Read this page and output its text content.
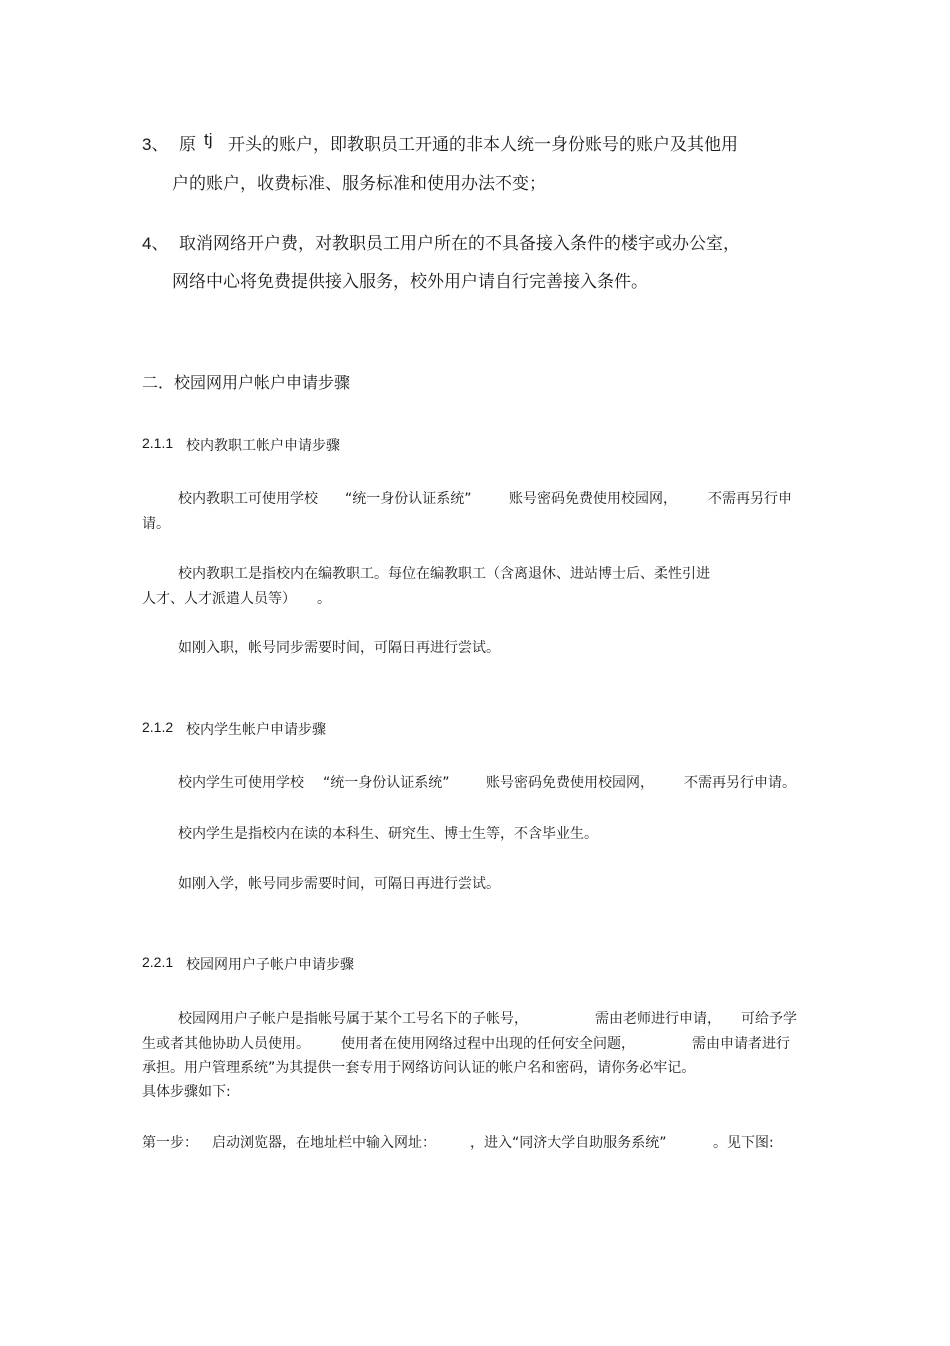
3、 原 tj 开头的账户，即教职员工开通的非本人统一身份账号的账户及其他用
户的账户，收费标准、服务标准和使用办法不变；
4、 取消网络开户费，对教职员工用户所在的不具备接入条件的楼宇或办公室，
网络中心将免费提供接入服务，校外用户请自行完善接入条件。
二．校园网用户帐户申请步骤
2.1.1 校内教职工帐户申请步骤
校内教职工可使用学校 “统一身份认证系统”	账号密码免费使用校园网， 不需再另行申
请。
校内教职工是指校内在编教职工。每位在编教职工（含离退休、进站博士后、柔性引进
人才、人才派遣人员等） 。
如刚入职，帐号同步需要时间，可隔日再进行尝试。
2.1.2 校内学生帐户申请步骤
校内学生可使用学校 “统一身份认证系统”	账号密码免费使用校园网， 不需再另行申请。
校内学生是指校内在读的本科生、研究生、博士生等，不含毕业生。
如刚入学，帐号同步需要时间，可隔日再进行尝试。
2.2.1 校园网用户子帐户申请步骤
校园网用户子帐户是指帐号属于某个工号名下的子帐号，	需由老师进行申请， 可给予学
生或者其他协助人员使用。 使用者在使用网络过程中出现的任何安全问题，	需由申请者进行
承担。用户管理系统”为其提供一套专用于网络访问认证的帐户名和密码，请你务必牢记。
具体步骤如下:
第一步： 启动浏览器，在地址栏中输入网址： ，进入“同济大学自助服务系统”	。见下图:
